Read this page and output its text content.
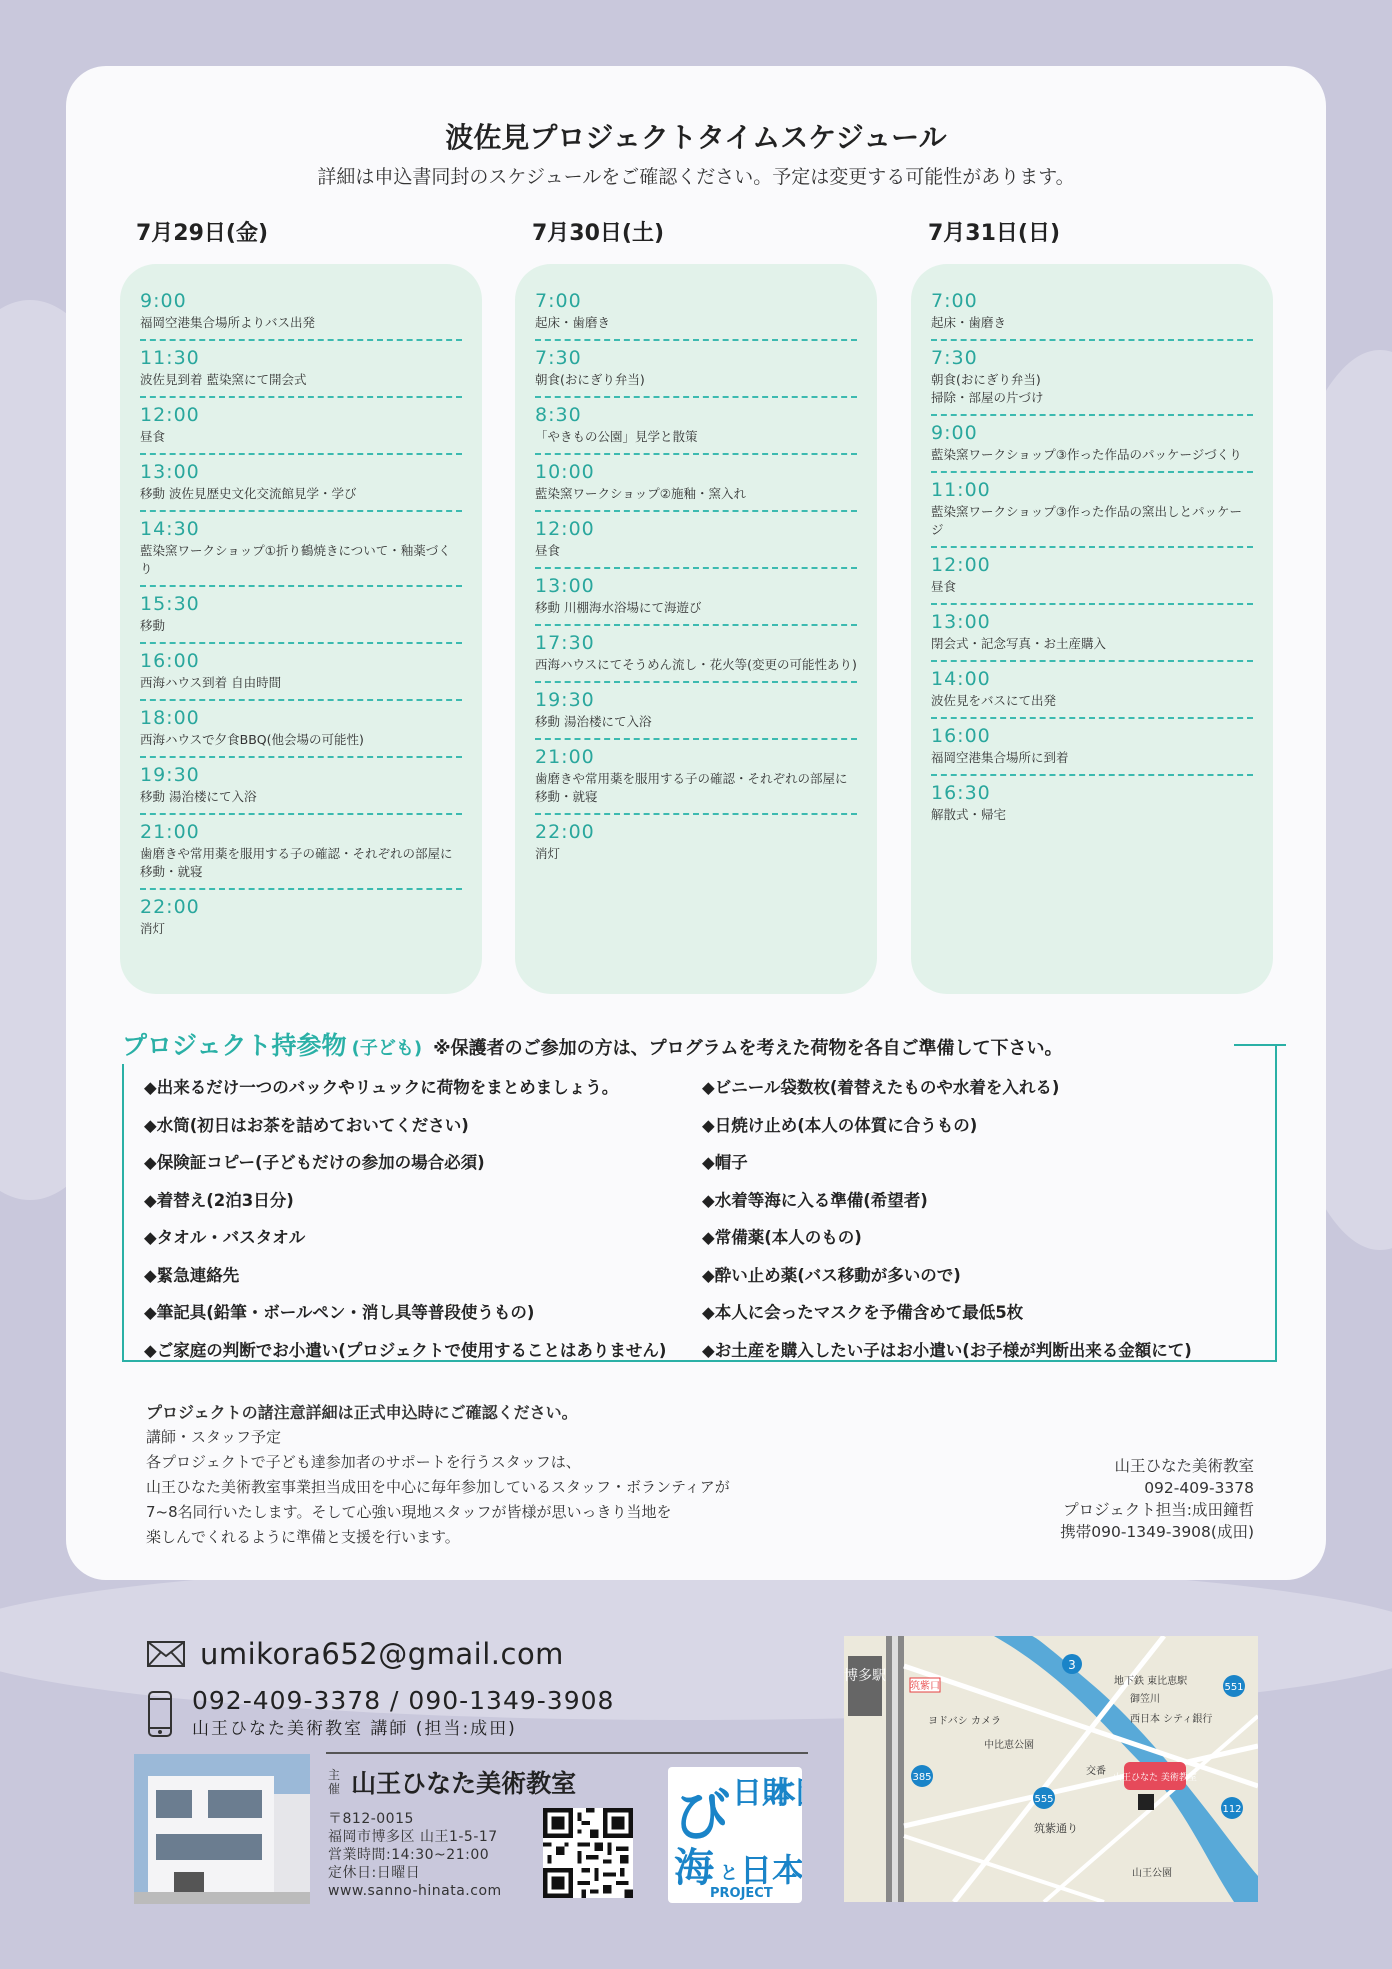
波佐見プロジェクトタイムスケジュール
詳細は申込書同封のスケジュールをご確認ください。予定は変更する可能性があります。
7月29日(金)	7月30日(土)	7月31日(日)
9:00
福岡空港集合場所よりバス出発
11:30
波佐見到着 藍染窯にて開会式
12:00
昼食
13:00
移動 波佐見歴史文化交流館見学・学び
14:30
藍染窯ワークショップ①折り鶴焼きについて・釉薬づくり
15:30
移動
16:00
西海ハウス到着 自由時間
18:00
西海ハウスで夕食BBQ(他会場の可能性)
19:30
移動 湯治楼にて入浴
21:00
歯磨きや常用薬を服用する子の確認・それぞれの部屋に移動・就寝
22:00
消灯
7:00
起床・歯磨き
7:30
朝食(おにぎり弁当)
8:30
「やきもの公園」見学と散策
10:00
藍染窯ワークショップ②施釉・窯入れ
12:00
昼食
13:00
移動 川棚海水浴場にて海遊び
17:30
西海ハウスにてそうめん流し・花火等(変更の可能性あり)
19:30
移動 湯治楼にて入浴
21:00
歯磨きや常用薬を服用する子の確認・それぞれの部屋に移動・就寝
22:00
消灯
7:00
起床・歯磨き
7:30
朝食(おにぎり弁当)
掃除・部屋の片づけ
9:00
藍染窯ワークショップ③作った作品のパッケージづくり
11:00
藍染窯ワークショップ③作った作品の窯出しとパッケージ
12:00
昼食
13:00
閉会式・記念写真・お土産購入
14:00
波佐見をバスにて出発
16:00
福岡空港集合場所に到着
16:30
解散式・帰宅
プロジェクト持参物 (子ども) ※保護者のご参加の方は、プログラムを考えた荷物を各自ご準備して下さい。
◆出来るだけ一つのバックやリュックに荷物をまとめましょう。
◆水筒(初日はお茶を詰めておいてください)
◆保険証コピー(子どもだけの参加の場合必須)
◆着替え(2泊3日分)
◆タオル・バスタオル
◆緊急連絡先
◆筆記具(鉛筆・ボールペン・消し具等普段使うもの)
◆ご家庭の判断でお小遣い(プロジェクトで使用することはありません)
◆ビニール袋数枚(着替えたものや水着を入れる)
◆日焼け止め(本人の体質に合うもの)
◆帽子
◆水着等海に入る準備(希望者)
◆常備薬(本人のもの)
◆酔い止め薬(バス移動が多いので)
◆本人に会ったマスクを予備含めて最低5枚
◆お土産を購入したい子はお小遣い(お子様が判断出来る金額にて)
プロジェクトの諸注意詳細は正式申込時にご確認ください。
講師・スタッフ予定
各プロジェクトで子ども達参加者のサポートを行うスタッフは、
山王ひなた美術教室事業担当成田を中心に毎年参加しているスタッフ・ボランティアが
7~8名同行いたします。そして心強い現地スタッフが皆様が思いっきり当地を
楽しんでくれるように準備と支援を行います。
山王ひなた美術教室
092-409-3378
プロジェクト担当:成田鐘哲
携帯090-1349-3908(成田)
umikora652@gmail.com
092-409-3378 / 090-1349-3908
山王ひなた美術教室 講師 (担当:成田)
主催 山王ひなた美術教室
〒812-0015
福岡市博多区 山王1-5-17
営業時間:14:30~21:00
定休日:日曜日
www.sanno-hinata.com
び 日財
本
海 と 日本
PROJECT
博多駅
筑紫口
ヨドバシ カメラ
中比恵公園
地下鉄 東比恵駅
西日本 シティ銀行
交番
山王ひなた 美術教室
筑紫通り
山王公園
御笠川
3
385
551
555
112
